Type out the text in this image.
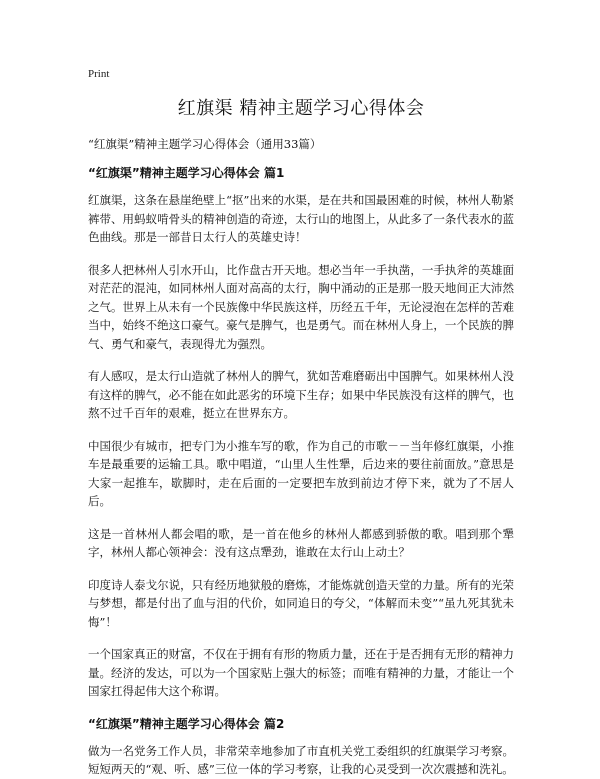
Print
红旗渠 精神主题学习心得体会
“红旗渠”精神主题学习心得体会（通用33篇）
“红旗渠”精神主题学习心得体会 篇1

红旗渠，这条在悬崖绝壁上“抠”出来的水渠，是在共和国最困难的时候，林州人勒紧裤带、用蚂蚁啃骨头的精神创造的奇迹，太行山的地图上，从此多了一条代表水的蓝色曲线。那是一部昔日太行人的英雄史诗！

很多人把林州人引水开山，比作盘古开天地。想必当年一手执凿，一手执斧的英雄面对茫茫的混沌，如同林州人面对高高的太行，胸中涌动的正是那一股天地间正大沛然之气。世界上从未有一个民族像中华民族这样，历经五千年，无论浸泡在怎样的苦难当中，始终不绝这口豪气。豪气是脾气，也是勇气。而在林州人身上，一个民族的脾气、勇气和豪气，表现得尤为强烈。

有人感叹，是太行山造就了林州人的脾气，犹如苦难磨砺出中国脾气。如果林州人没有这样的脾气，必不能在如此恶劣的环境下生存；如果中华民族没有这样的脾气，也熬不过千百年的艰难，挺立在世界东方。

中国很少有城市，把专门为小推车写的歌，作为自己的市歌－－当年修红旗渠，小推车是最重要的运输工具。歌中唱道，“山里人生性犟，后边来的要往前面放。”意思是大家一起推车，歇脚时，走在后面的一定要把车放到前边才停下来，就为了不居人后。

这是一首林州人都会唱的歌，是一首在他乡的林州人都感到骄傲的歌。唱到那个犟字，林州人都心领神会：没有这点犟劲，谁敢在太行山上动土？

印度诗人泰戈尔说，只有经历地狱般的磨炼，才能炼就创造天堂的力量。所有的光荣与梦想，都是付出了血与泪的代价，如同追日的夸父，“体解而未变”“虽九死其犹未悔”！

一个国家真正的财富，不仅在于拥有有形的物质力量，还在于是否拥有无形的精神力量。经济的发达，可以为一个国家贴上强大的标签；而唯有精神的力量，才能让一个国家扛得起伟大这个称谓。

“红旗渠”精神主题学习心得体会 篇2

做为一名党务工作人员，非常荣幸地参加了市直机关党工委组织的红旗渠学习考察。短短两天的“观、听、感”三位一体的学习考察，让我的心灵受到一次次震撼和洗礼。
